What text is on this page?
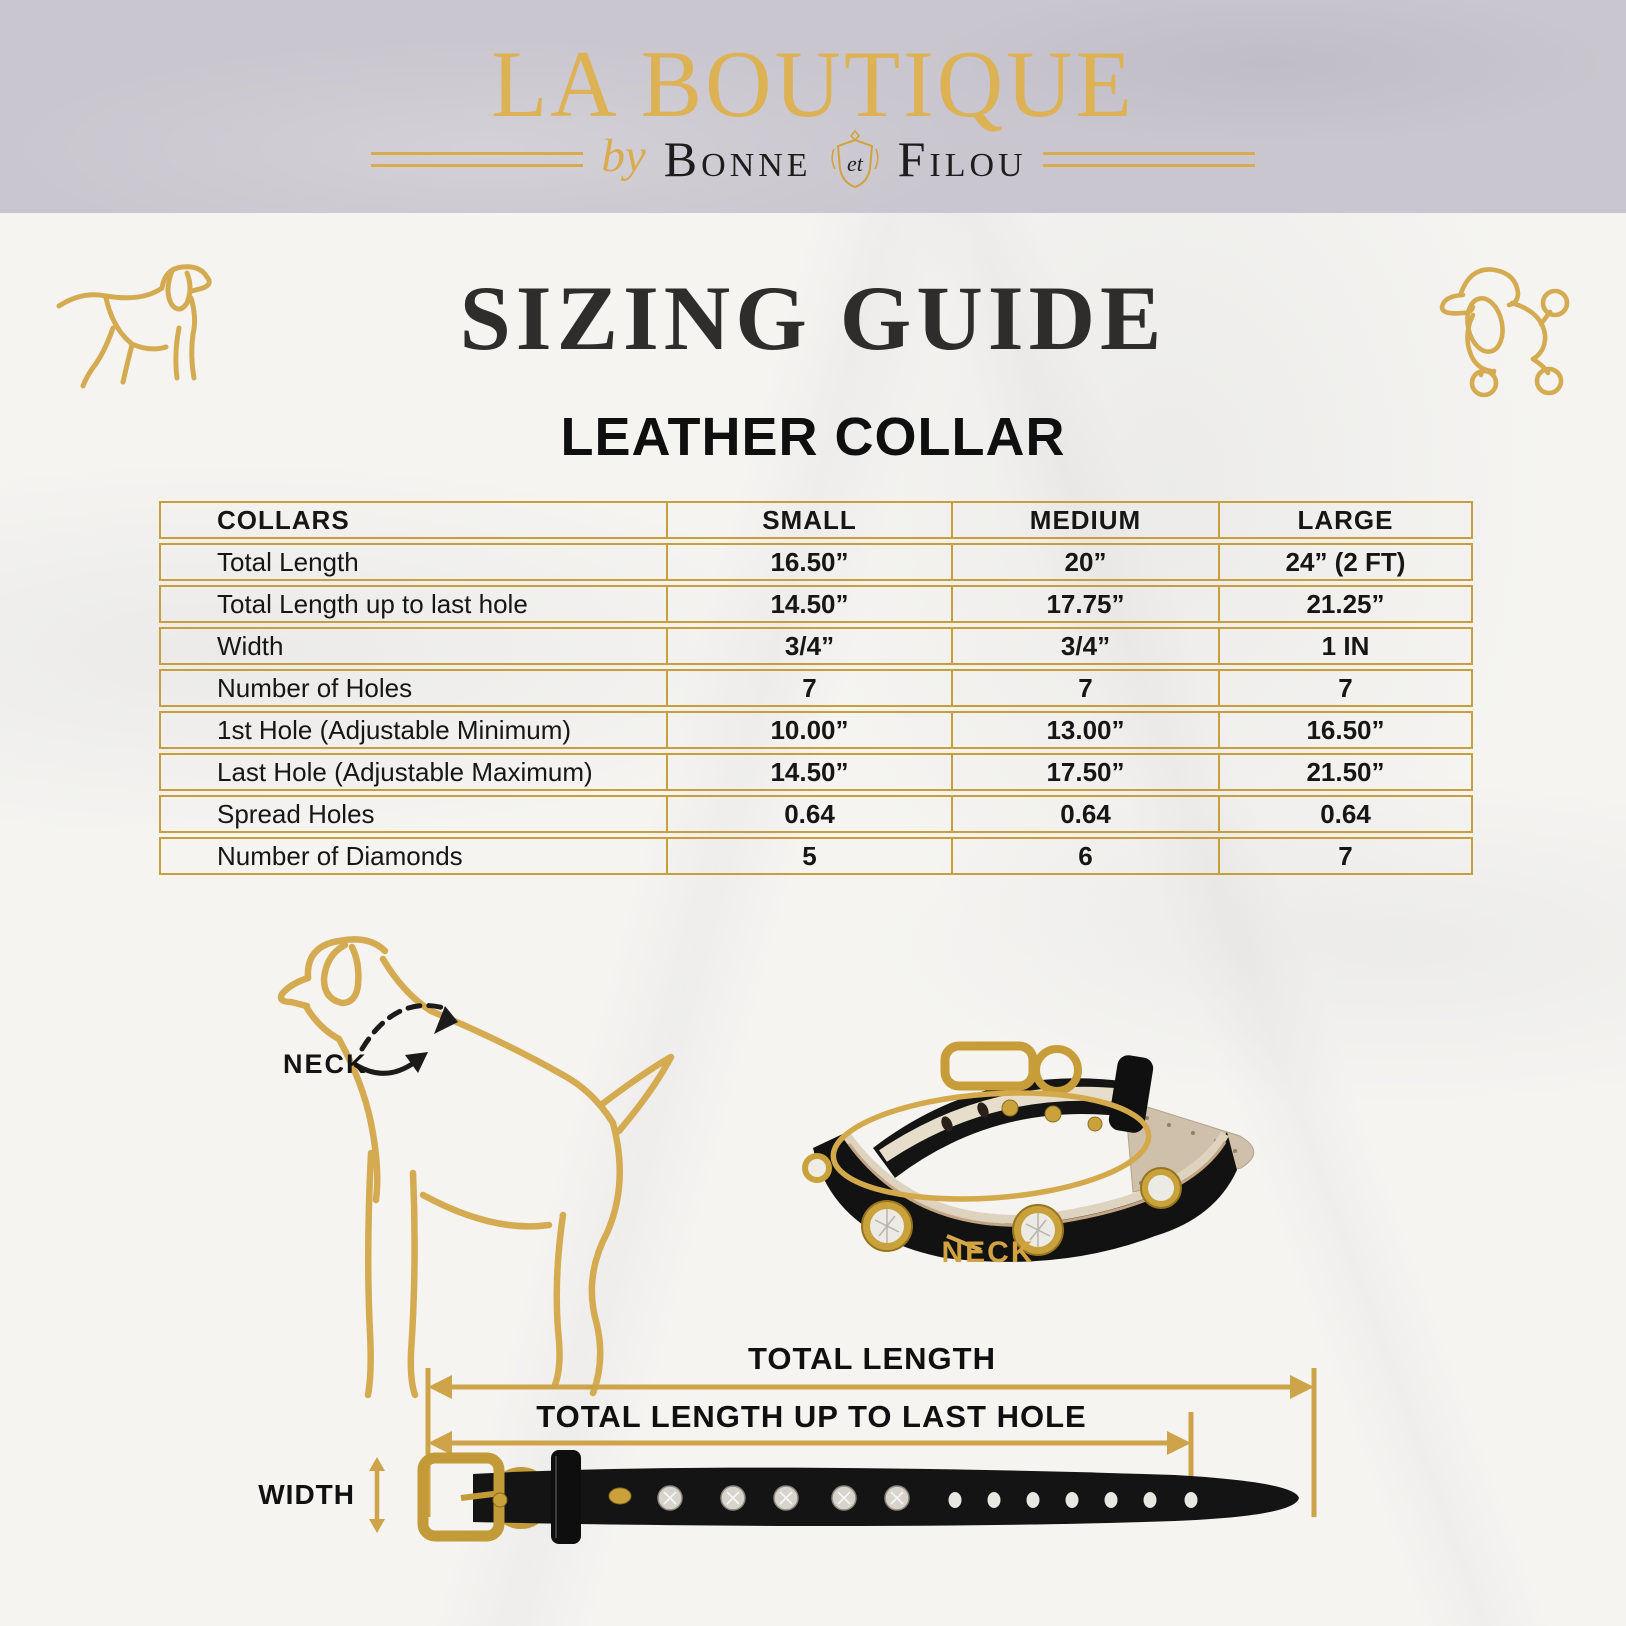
LA BOUTIQUE
by BONNE et FILOU
SIZING GUIDE
LEATHER COLLAR
COLLARS	SMALL	MEDIUM	LARGE
Total Length	16.50”	20”	24” (2 FT)
Total Length up to last hole	14.50”	17.75”	21.25”
Width	3/4”	3/4”	1 IN
Number of Holes	7	7	7
1st Hole (Adjustable Minimum)	10.00”	13.00”	16.50”
Last Hole (Adjustable Maximum)	14.50”	17.50”	21.50”
Spread Holes	0.64	0.64	0.64
Number of Diamonds	5	6	7
NECK
NECK
TOTAL LENGTH
TOTAL LENGTH UP TO LAST HOLE
WIDTH
